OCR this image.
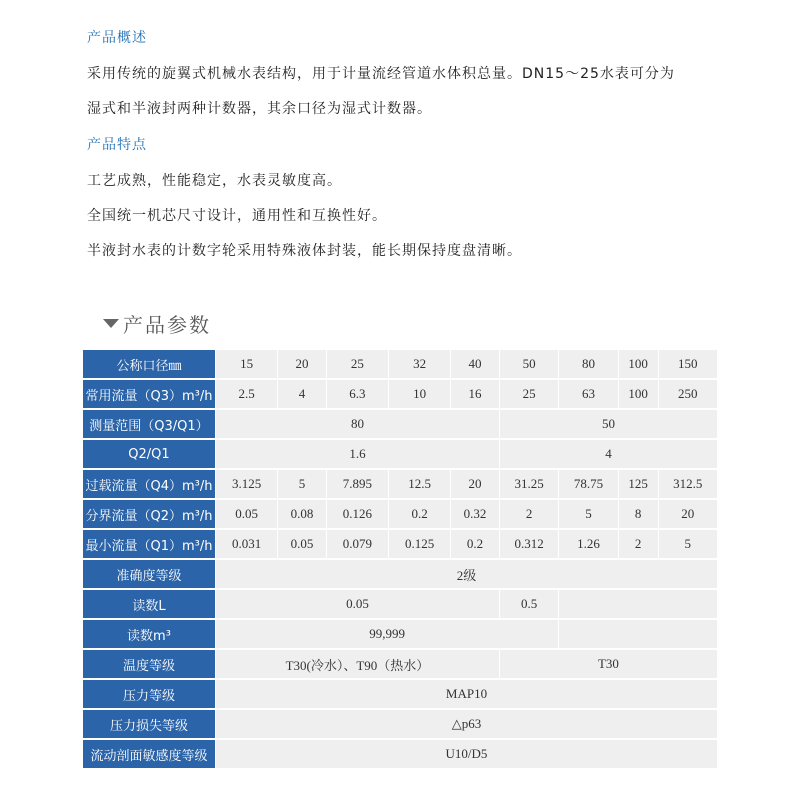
产品概述
采用传统的旋翼式机械水表结构，用于计量流经管道水体积总量。DN15～25水表可分为
湿式和半液封两种计数器，其余口径为湿式计数器。
产品特点
工艺成熟，性能稳定，水表灵敏度高。
全国统一机芯尺寸设计，通用性和互换性好。
半液封水表的计数字轮采用特殊液体封装，能长期保持度盘清晰。
产品参数
公称口径㎜	15	20	25	32	40	50	80	100	150
常用流量（Q3）m³/h	2.5	4	6.3	10	16	25	63	100	250
测量范围（Q3/Q1）	80					50			
Q2/Q1	1.6					4			
过载流量（Q4）m³/h	3.125	5	7.895	12.5	20	31.25	78.75	125	312.5
分界流量（Q2）m³/h	0.05	0.08	0.126	0.2	0.32	2	5	8	20
最小流量（Q1）m³/h	0.031	0.05	0.079	0.125	0.2	0.312	1.26	2	5
准确度等级	2级								
读数L	0.05					0.5			
读数m³	99,999								
温度等级	T30(冷水）、T90（热水）					T30			
压力等级	MAP10								
压力损失等级	△p63								
流动剖面敏感度等级	U10/D5								
